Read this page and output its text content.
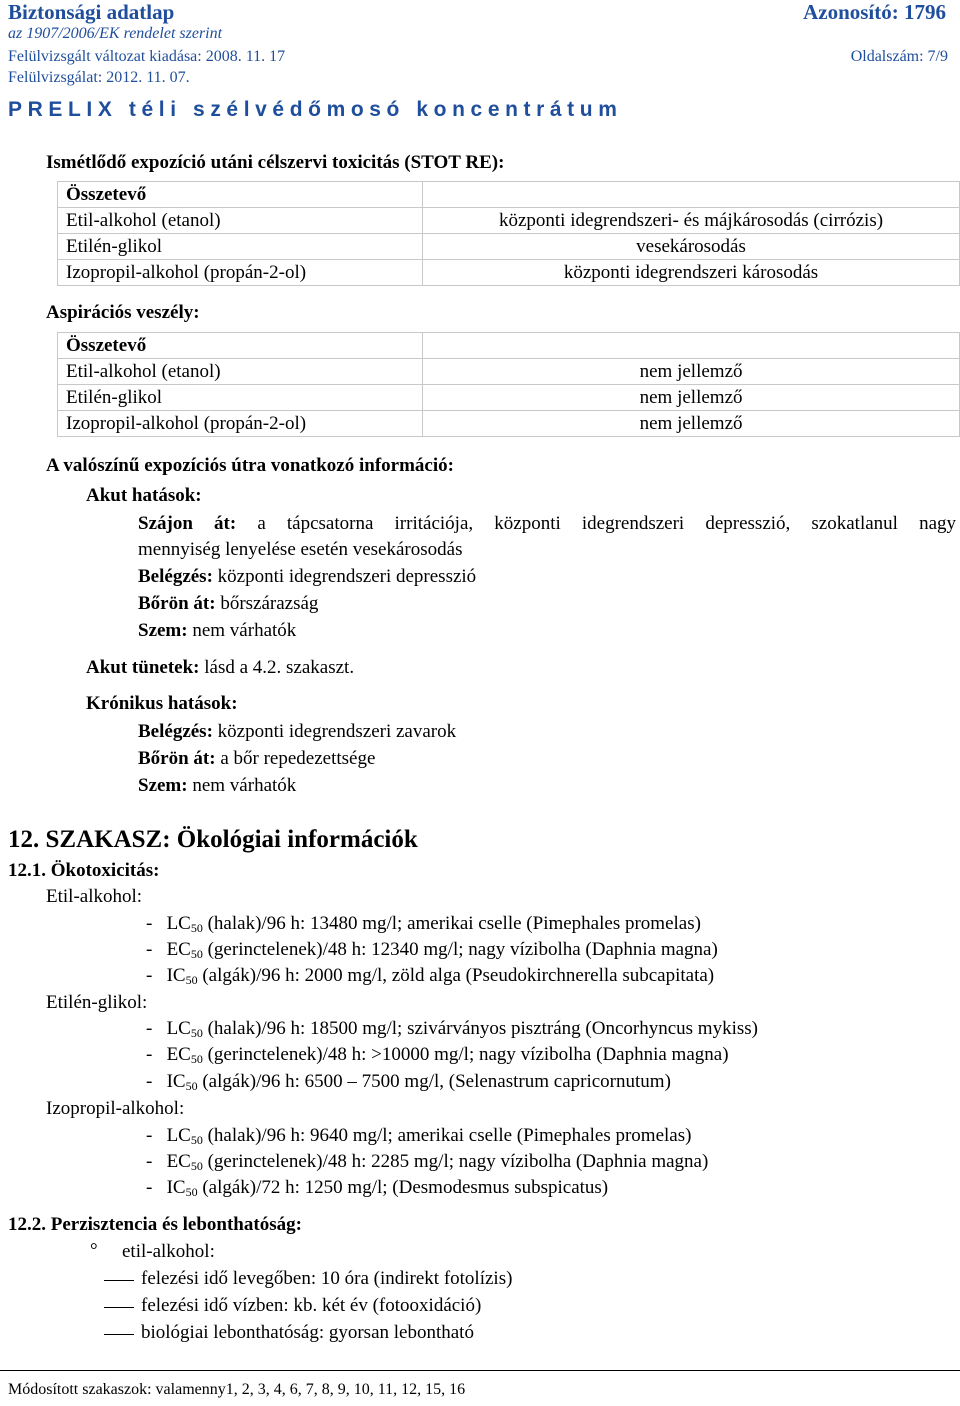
Biztonsági adatlap	Azonosító: 1796
az 1907/2006/EK rendelet szerint
Felülvizsgált változat kiadása: 2008. 11. 17	Oldalszám: 7/9
Felülvizsgálat: 2012. 11. 07.
PRELIX téli szélvédőmosó koncentrátum
Ismétlődő expozíció utáni célszervi toxicitás (STOT RE):
Összetevő	
Etil-alkohol (etanol)	központi idegrendszeri- és májkárosodás (cirrózis)
Etilén-glikol	vesekárosodás
Izopropil-alkohol (propán-2-ol)	központi idegrendszeri károsodás
Aspirációs veszély:
Összetevő	
Etil-alkohol (etanol)	nem jellemző
Etilén-glikol	nem jellemző
Izopropil-alkohol (propán-2-ol)	nem jellemző
A valószínű expozíciós útra vonatkozó információ:
Akut hatások:
Szájon át: a tápcsatorna irritációja, központi idegrendszeri depresszió, szokatlanul nagy
mennyiség lenyelése esetén vesekárosodás
Belégzés: központi idegrendszeri depresszió
Bőrön át: bőrszárazság
Szem: nem várhatók
Akut tünetek: lásd a 4.2. szakaszt.
Krónikus hatások:
Belégzés: központi idegrendszeri zavarok
Bőrön át: a bőr repedezettsége
Szem: nem várhatók
12. SZAKASZ: Ökológiai információk
12.1. Ökotoxicitás:
Etil-alkohol:
- $LC_{50}$ (halak)/96 h: 13480 mg/l; amerikai cselle (Pimephales promelas)
- $EC_{50}$ (gerinctelenek)/48 h: 12340 mg/l; nagy vízibolha (Daphnia magna)
- $IC_{50}$ (algák)/96 h: 2000 mg/l, zöld alga (Pseudokirchnerella subcapitata)
Etilén-glikol:
- $LC_{50}$ (halak)/96 h: 18500 mg/l; szivárványos pisztráng (Oncorhyncus mykiss)
- $EC_{50}$ (gerinctelenek)/48 h: >10000 mg/l; nagy vízibolha (Daphnia magna)
- $IC_{50}$ (algák)/96 h: 6500 – 7500 mg/l, (Selenastrum capricornutum)
Izopropil-alkohol:
- $LC_{50}$ (halak)/96 h: 9640 mg/l; amerikai cselle (Pimephales promelas)
- $EC_{50}$ (gerinctelenek)/48 h: 2285 mg/l; nagy vízibolha (Daphnia magna)
- $IC_{50}$ (algák)/72 h: 1250 mg/l; (Desmodesmus subspicatus)
12.2. Perzisztencia és lebonthatóság:
° etil-alkohol:
felezési idő levegőben: 10 óra (indirekt fotolízis)
felezési idő vízben: kb. két év (fotooxidáció)
biológiai lebonthatóság: gyorsan lebontható
Módosított szakaszok: valamenny1, 2, 3, 4, 6, 7, 8, 9, 10, 11, 12, 15, 16
